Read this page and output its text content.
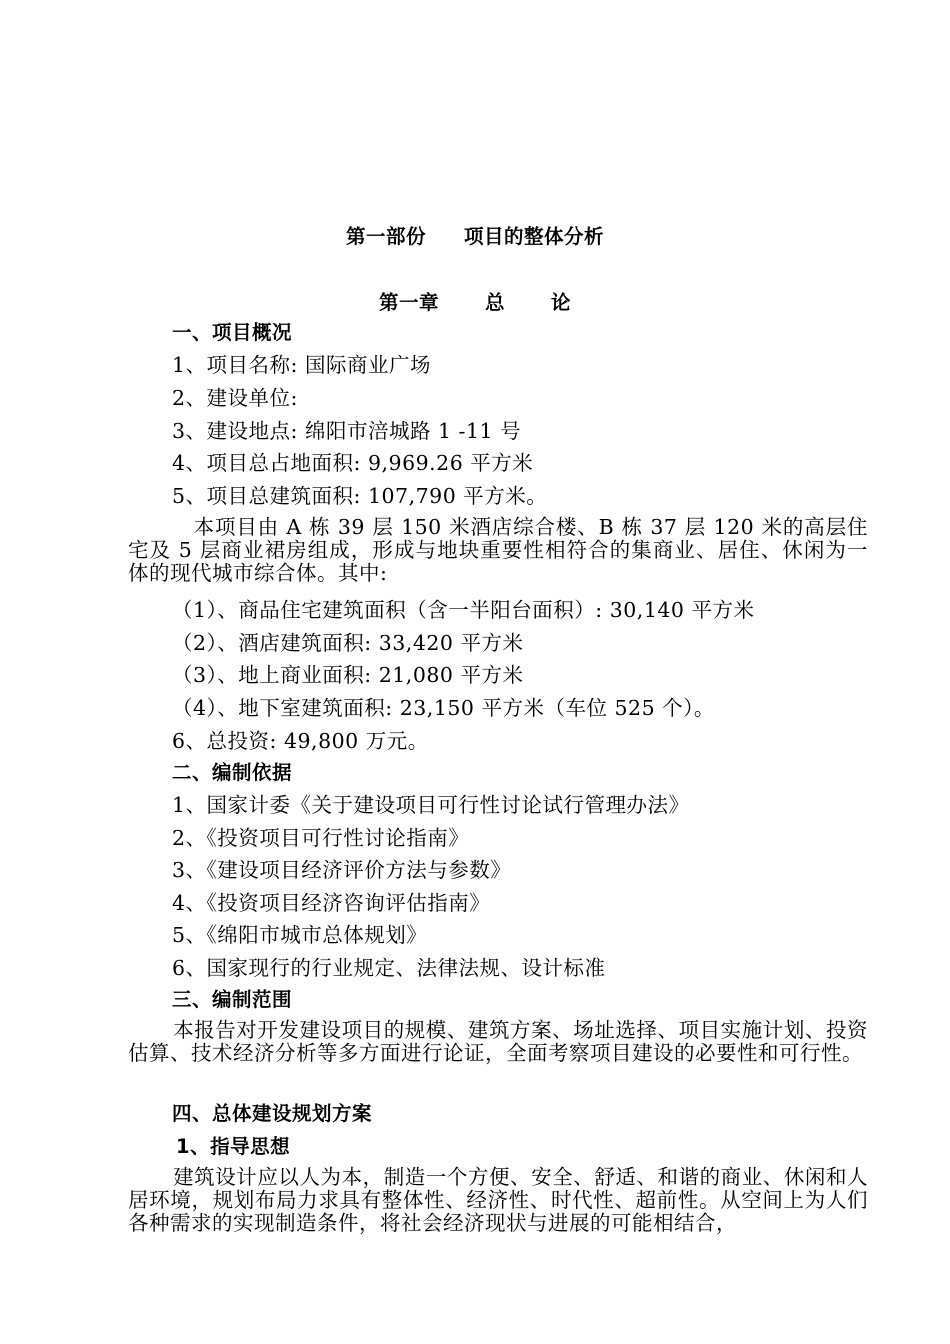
第一部份 项目的整体分析
第一章 总 论
一、项目概况
1、项目名称: 国际商业广场
2、建设单位:
3、建设地点: 绵阳市涪城路 1 -11 号
4、项目总占地面积: 9,969.26 平方米
5、项目总建筑面积: 107,790 平方米。
本项目由 A 栋 39 层 150 米酒店综合楼、B 栋 37 层 120 米的高层住宅及 5 层商业裙房组成，形成与地块重要性相符合的集商业、居住、休闲为一体的现代城市综合体。其中:
（1）、商品住宅建筑面积（含一半阳台面积）: 30,140 平方米
（2）、酒店建筑面积: 33,420 平方米
（3）、地上商业面积: 21,080 平方米
（4）、地下室建筑面积: 23,150 平方米（车位 525 个）。
6、总投资: 49,800 万元。
二、编制依据
1、国家计委《关于建设项目可行性讨论试行管理办法》
2、《投资项目可行性讨论指南》
3、《建设项目经济评价方法与参数》
4、《投资项目经济咨询评估指南》
5、《绵阳市城市总体规划》
6、国家现行的行业规定、法律法规、设计标准
三、编制范围
本报告对开发建设项目的规模、建筑方案、场址选择、项目实施计划、投资估算、技术经济分析等多方面进行论证，全面考察项目建设的必要性和可行性。
四、总体建设规划方案
1、指导思想
建筑设计应以人为本，制造一个方便、安全、舒适、和谐的商业、休闲和人居环境，规划布局力求具有整体性、经济性、时代性、超前性。从空间上为人们各种需求的实现制造条件，将社会经济现状与进展的可能相结合，
